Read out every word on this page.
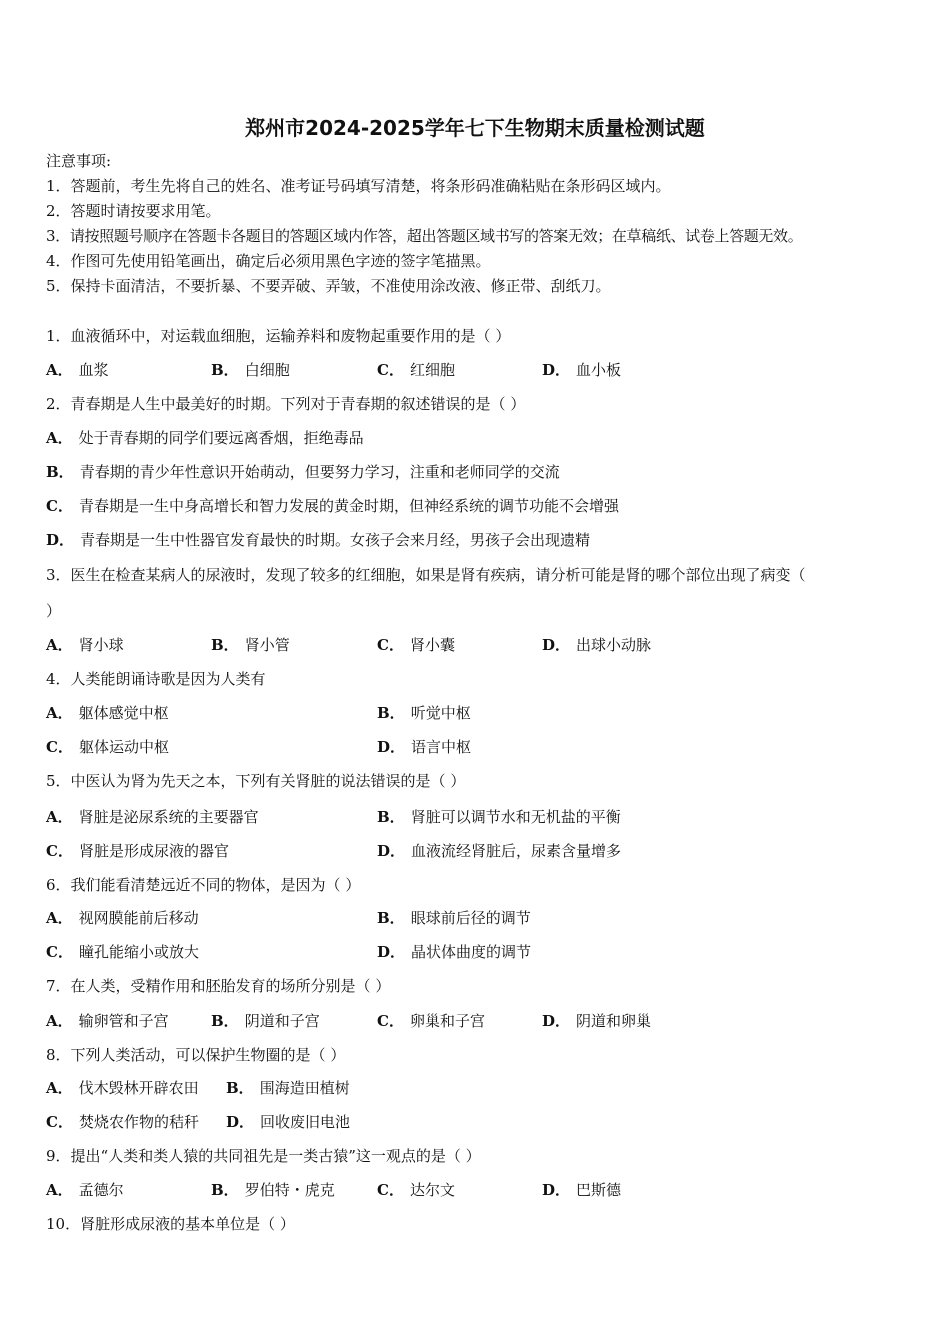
郑州市2024-2025学年七下生物期末质量检测试题
注意事项:
1．答题前，考生先将自己的姓名、准考证号码填写清楚，将条形码准确粘贴在条形码区域内。
2．答题时请按要求用笔。
3．请按照题号顺序在答题卡各题目的答题区域内作答，超出答题区域书写的答案无效；在草稿纸、试卷上答题无效。
4．作图可先使用铅笔画出，确定后必须用黑色字迹的签字笔描黑。
5．保持卡面清洁，不要折暴、不要弄破、弄皱，不准使用涂改液、修正带、刮纸刀。
1．血液循环中，对运载血细胞，运输养料和废物起重要作用的是（ ）
A． 血浆	B． 白细胞	C． 红细胞	D． 血小板
2．青春期是人生中最美好的时期。下列对于青春期的叙述错误的是（ ）
A． 处于青春期的同学们要远离香烟，拒绝毒品
B． 青春期的青少年性意识开始萌动，但要努力学习，注重和老师同学的交流
C． 青春期是一生中身高增长和智力发展的黄金时期，但神经系统的调节功能不会增强
D． 青春期是一生中性器官发育最快的时期。女孩子会来月经，男孩子会出现遗精
3．医生在检查某病人的尿液时，发现了较多的红细胞，如果是肾有疾病，请分析可能是肾的哪个部位出现了病变（
）
A． 肾小球	B． 肾小管	C． 肾小囊	D． 出球小动脉
4．人类能朗诵诗歌是因为人类有
A． 躯体感觉中枢	B． 听觉中枢
C． 躯体运动中枢	D． 语言中枢
5．中医认为肾为先天之本，下列有关肾脏的说法错误的是（ ）
A． 肾脏是泌尿系统的主要器官	B． 肾脏可以调节水和无机盐的平衡
C． 肾脏是形成尿液的器官	D． 血液流经肾脏后，尿素含量增多
6．我们能看清楚远近不同的物体，是因为（ ）
A． 视网膜能前后移动	B． 眼球前后径的调节
C． 瞳孔能缩小或放大	D． 晶状体曲度的调节
7．在人类，受精作用和胚胎发育的场所分别是（ ）
A． 输卵管和子宫	B． 阴道和子宫	C． 卵巢和子宫	D． 阴道和卵巢
8．下列人类活动，可以保护生物圈的是（ ）
A． 伐木毁林开辟农田 B． 围海造田植树
C． 焚烧农作物的秸秆 D． 回收废旧电池
9．提出“人类和类人猿的共同祖先是一类古猿”这一观点的是（ ）
A． 孟德尔	B． 罗伯特・虎克	C． 达尔文	D． 巴斯德
10．肾脏形成尿液的基本单位是（ ）
